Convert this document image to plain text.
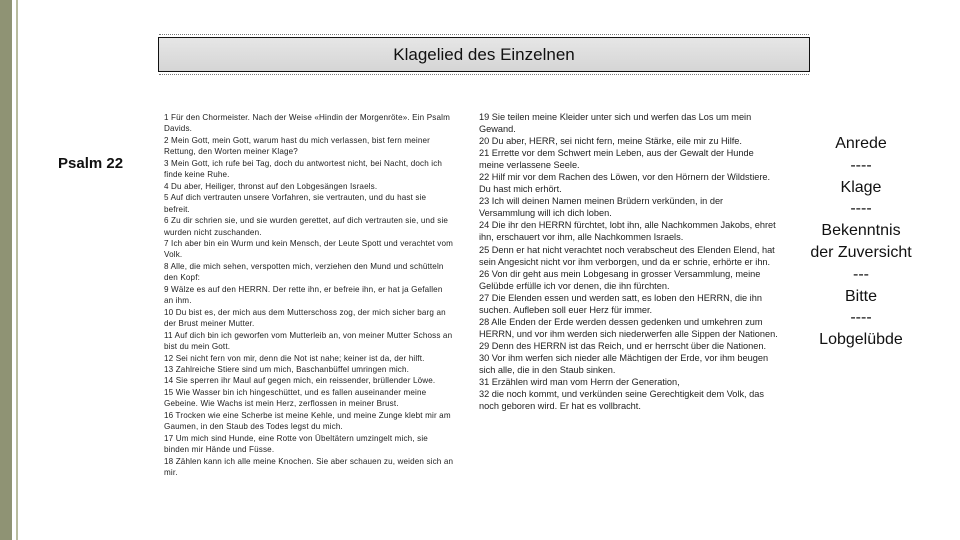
Klagelied des Einzelnen
Psalm 22

1 Für den Chormeister. Nach der Weise «Hindin der Morgenröte». Ein Psalm Davids.

2 Mein Gott, mein Gott, warum hast du mich verlassen, bist fern meiner Rettung, den Worten meiner Klage?

3 Mein Gott, ich rufe bei Tag, doch du antwortest nicht, bei Nacht, doch ich finde keine Ruhe.

4 Du aber, Heiliger, thronst auf den Lobgesängen Israels.

5 Auf dich vertrauten unsere Vorfahren, sie vertrauten, und du hast sie befreit.

6 Zu dir schrien sie, und sie wurden gerettet, auf dich vertrauten sie, und sie wurden nicht zuschanden.

7 Ich aber bin ein Wurm und kein Mensch, der Leute Spott und verachtet vom Volk.

8 Alle, die mich sehen, verspotten mich, verziehen den Mund und schütteln den Kopf:

9 Wälze es auf den HERRN. Der rette ihn, er befreie ihn, er hat ja Gefallen an ihm.

10 Du bist es, der mich aus dem Mutterschoss zog, der mich sicher barg an der Brust meiner Mutter.

11 Auf dich bin ich geworfen vom Mutterleib an, von meiner Mutter Schoss an bist du mein Gott.

12 Sei nicht fern von mir, denn die Not ist nahe; keiner ist da, der hilft.

13 Zahlreiche Stiere sind um mich, Baschanbüffel umringen mich.

14 Sie sperren ihr Maul auf gegen mich, ein reissender, brüllender Löwe.

15 Wie Wasser bin ich hingeschüttet, und es fallen auseinander meine Gebeine. Wie Wachs ist mein Herz, zerflossen in meiner Brust.

16 Trocken wie eine Scherbe ist meine Kehle, und meine Zunge klebt mir am Gaumen, in den Staub des Todes legst du mich.

17 Um mich sind Hunde, eine Rotte von Übeltätern umzingelt mich, sie binden mir Hände und Füsse.

18 Zählen kann ich alle meine Knochen. Sie aber schauen zu, weiden sich an mir.

19 Sie teilen meine Kleider unter sich und werfen das Los um mein Gewand.

20 Du aber, HERR, sei nicht fern, meine Stärke, eile mir zu Hilfe.

21 Errette vor dem Schwert mein Leben, aus der Gewalt der Hunde meine verlassene Seele.

22 Hilf mir vor dem Rachen des Löwen, vor den Hörnern der Wildstiere. Du hast mich erhört.

23 Ich will deinen Namen meinen Brüdern verkünden, in der Versammlung will ich dich loben.

24 Die ihr den HERRN fürchtet, lobt ihn, alle Nachkommen Jakobs, ehret ihn, erschauert vor ihm, alle Nachkommen Israels.

25 Denn er hat nicht verachtet noch verabscheut des Elenden Elend, hat sein Angesicht nicht vor ihm verborgen, und da er schrie, erhörte er ihn.

26 Von dir geht aus mein Lobgesang in grosser Versammlung, meine Gelübde erfülle ich vor denen, die ihn fürchten.

27 Die Elenden essen und werden satt, es loben den HERRN, die ihn suchen. Aufleben soll euer Herz für immer.

28 Alle Enden der Erde werden dessen gedenken und umkehren zum HERRN, und vor ihm werden sich niederwerfen alle Sippen der Nationen.

29 Denn des HERRN ist das Reich, und er herrscht über die Nationen.

30 Vor ihm werfen sich nieder alle Mächtigen der Erde, vor ihm beugen sich alle, die in den Staub sinken.

31 Erzählen wird man vom Herrn der Generation,

32 die noch kommt, und verkünden seine Gerechtigkeit dem Volk, das noch geboren wird. Er hat es vollbracht.

Anrede
----
Klage
----
Bekenntnis
der Zuversicht
---
Bitte
----
Lobgelübde
